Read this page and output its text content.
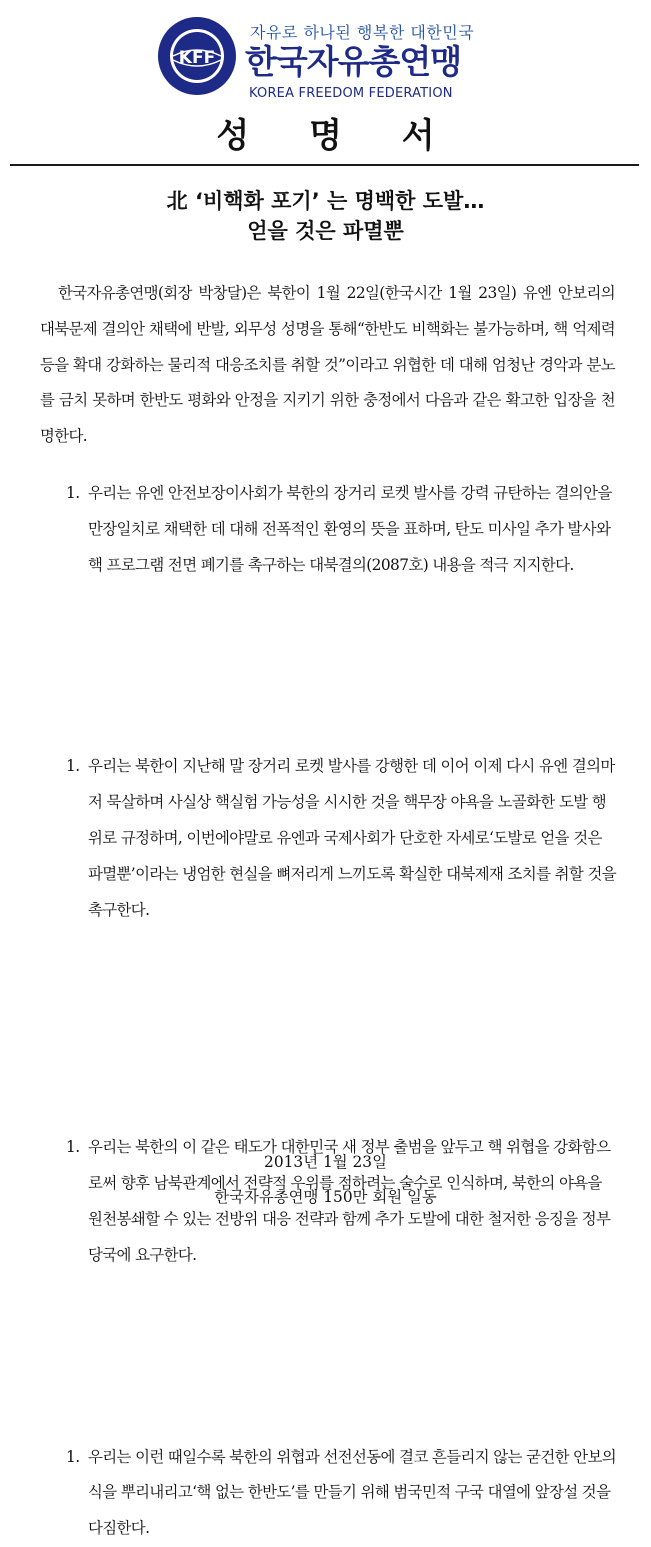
KFF
자유로 하나된 행복한 대한민국
한국자유총연맹
KOREA FREEDOM FEDERATION
성 명 서
北 ‘비핵화 포기’ 는 명백한 도발…
얻을 것은 파멸뿐

한국자유총연맹(회장 박창달)은 북한이 1월 22일(한국시간 1월 23일) 유엔 안보리의 대북문제 결의안 채택에 반발, 외무성 성명을 통해“한반도 비핵화는 불가능하며, 핵 억제력 등을 확대 강화하는 물리적 대응조치를 취할 것”이라고 위협한 데 대해 엄청난 경악과 분노를 금치 못하며 한반도 평화와 안정을 지키기 위한 충정에서 다음과 같은 확고한 입장을 천명한다.

1. 우리는 유엔 안전보장이사회가 북한의 장거리 로켓 발사를 강력 규탄하는 결의안을 만장일치로 채택한 데 대해 전폭적인 환영의 뜻을 표하며, 탄도 미사일 추가 발사와 핵 프로그램 전면 폐기를 촉구하는 대북결의(2087호) 내용을 적극 지지한다.
1. 우리는 북한이 지난해 말 장거리 로켓 발사를 강행한 데 이어 이제 다시 유엔 결의마저 묵살하며 사실상 핵실험 가능성을 시시한 것을 핵무장 야욕을 노골화한 도발 행위로 규정하며, 이번에야말로 유엔과 국제사회가 단호한 자세로‘도발로 얻을 것은 파멸뿐’이라는 냉엄한 현실을 뼈저리게 느끼도록 확실한 대북제재 조치를 취할 것을 촉구한다.
1. 우리는 북한의 이 같은 태도가 대한민국 새 정부 출범을 앞두고 핵 위협을 강화함으로써 향후 남북관계에서 전략적 우위를 점하려는 술수로 인식하며, 북한의 야욕을 원천봉쇄할 수 있는 전방위 대응 전략과 함께 추가 도발에 대한 철저한 응징을 정부 당국에 요구한다.
1. 우리는 이런 때일수록 북한의 위협과 선전선동에 결코 흔들리지 않는 굳건한 안보의식을 뿌리내리고‘핵 없는 한반도’를 만들기 위해 범국민적 구국 대열에 앞장설 것을 다짐한다.
2013년 1월 23일
한국자유총연맹 150만 회원 일동
